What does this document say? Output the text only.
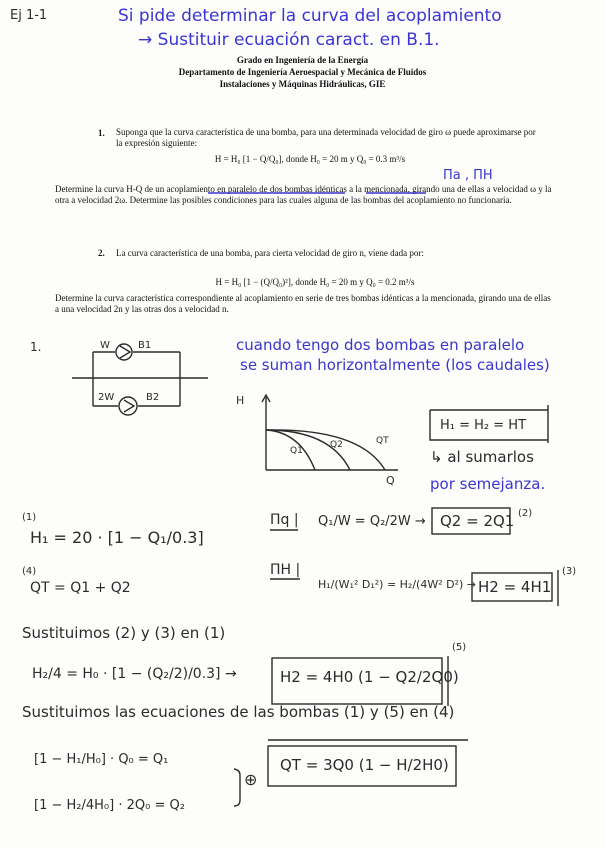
Ej 1-1	Si pide determinar la curva del acoplamiento
→ Sustituir ecuación caract. en B.1.
Grado en Ingeniería de la Energía
Departamento de Ingeniería Aeroespacial y Mecánica de Fluidos
Instalaciones y Máquinas Hidráulicas, GIE
1. Suponga que la curva característica de una bomba, para una determinada velocidad de giro ω puede aproximarse por la expresión siguiente:
H = H₀ [1 − Q/Q₀], donde H₀ = 20 m y Q₀ = 0.3 m³/s
Determine la curva H-Q de un acoplamiento en paralelo de dos bombas idénticas a la mencionada, girando una de ellas a velocidad ω y la otra a velocidad 2ω. Determine las posibles condiciones para las cuales alguna de las bombas del acoplamiento no funcionaría.
Πa , ΠH
2. La curva característica de una bomba, para cierta velocidad de giro n, viene dada por:
H = H₀ [1 − (Q/Q₀)²], donde H₀ = 20 m y Q₀ = 0.2 m³/s
Determine la curva característica correspondiente al acoplamiento en serie de tres bombas idénticas a la mencionada, girando una de ellas a una velocidad 2n y las otras dos a velocidad n.
W	B1
2W	B2
1.	cuando tengo dos bombas en paralelo
se suman horizontalmente (los caudales)
H
Q
Q1
Q2	QT
H₁ = H₂ = HT
↳ al sumarlos
por semejanza.
(1)
H₁ = 20 · [1 − Q₁/0.3]
Πq | Q₁/W = Q₂/2W → Q2 = 2Q1 (2)
(4)
QT = Q1 + Q2
ΠH |
H₁/(W₁² D₁²) = H₂/(4W² D²) → H2 = 4H1
(3)
Sustituimos (2) y (3) en (1)
H₂/4 = H₀ · [1 − (Q₂/2)/0.3] →	H2 = 4H0 (1 − Q2/2Q0)
(5)
Sustituimos las ecuaciones de las bombas (1) y (5) en (4)
[1 − H₁/H₀] · Q₀ = Q₁
[1 − H₂/4H₀] · 2Q₀ = Q₂
⊕
QT = 3Q0 (1 − H/2H0)
